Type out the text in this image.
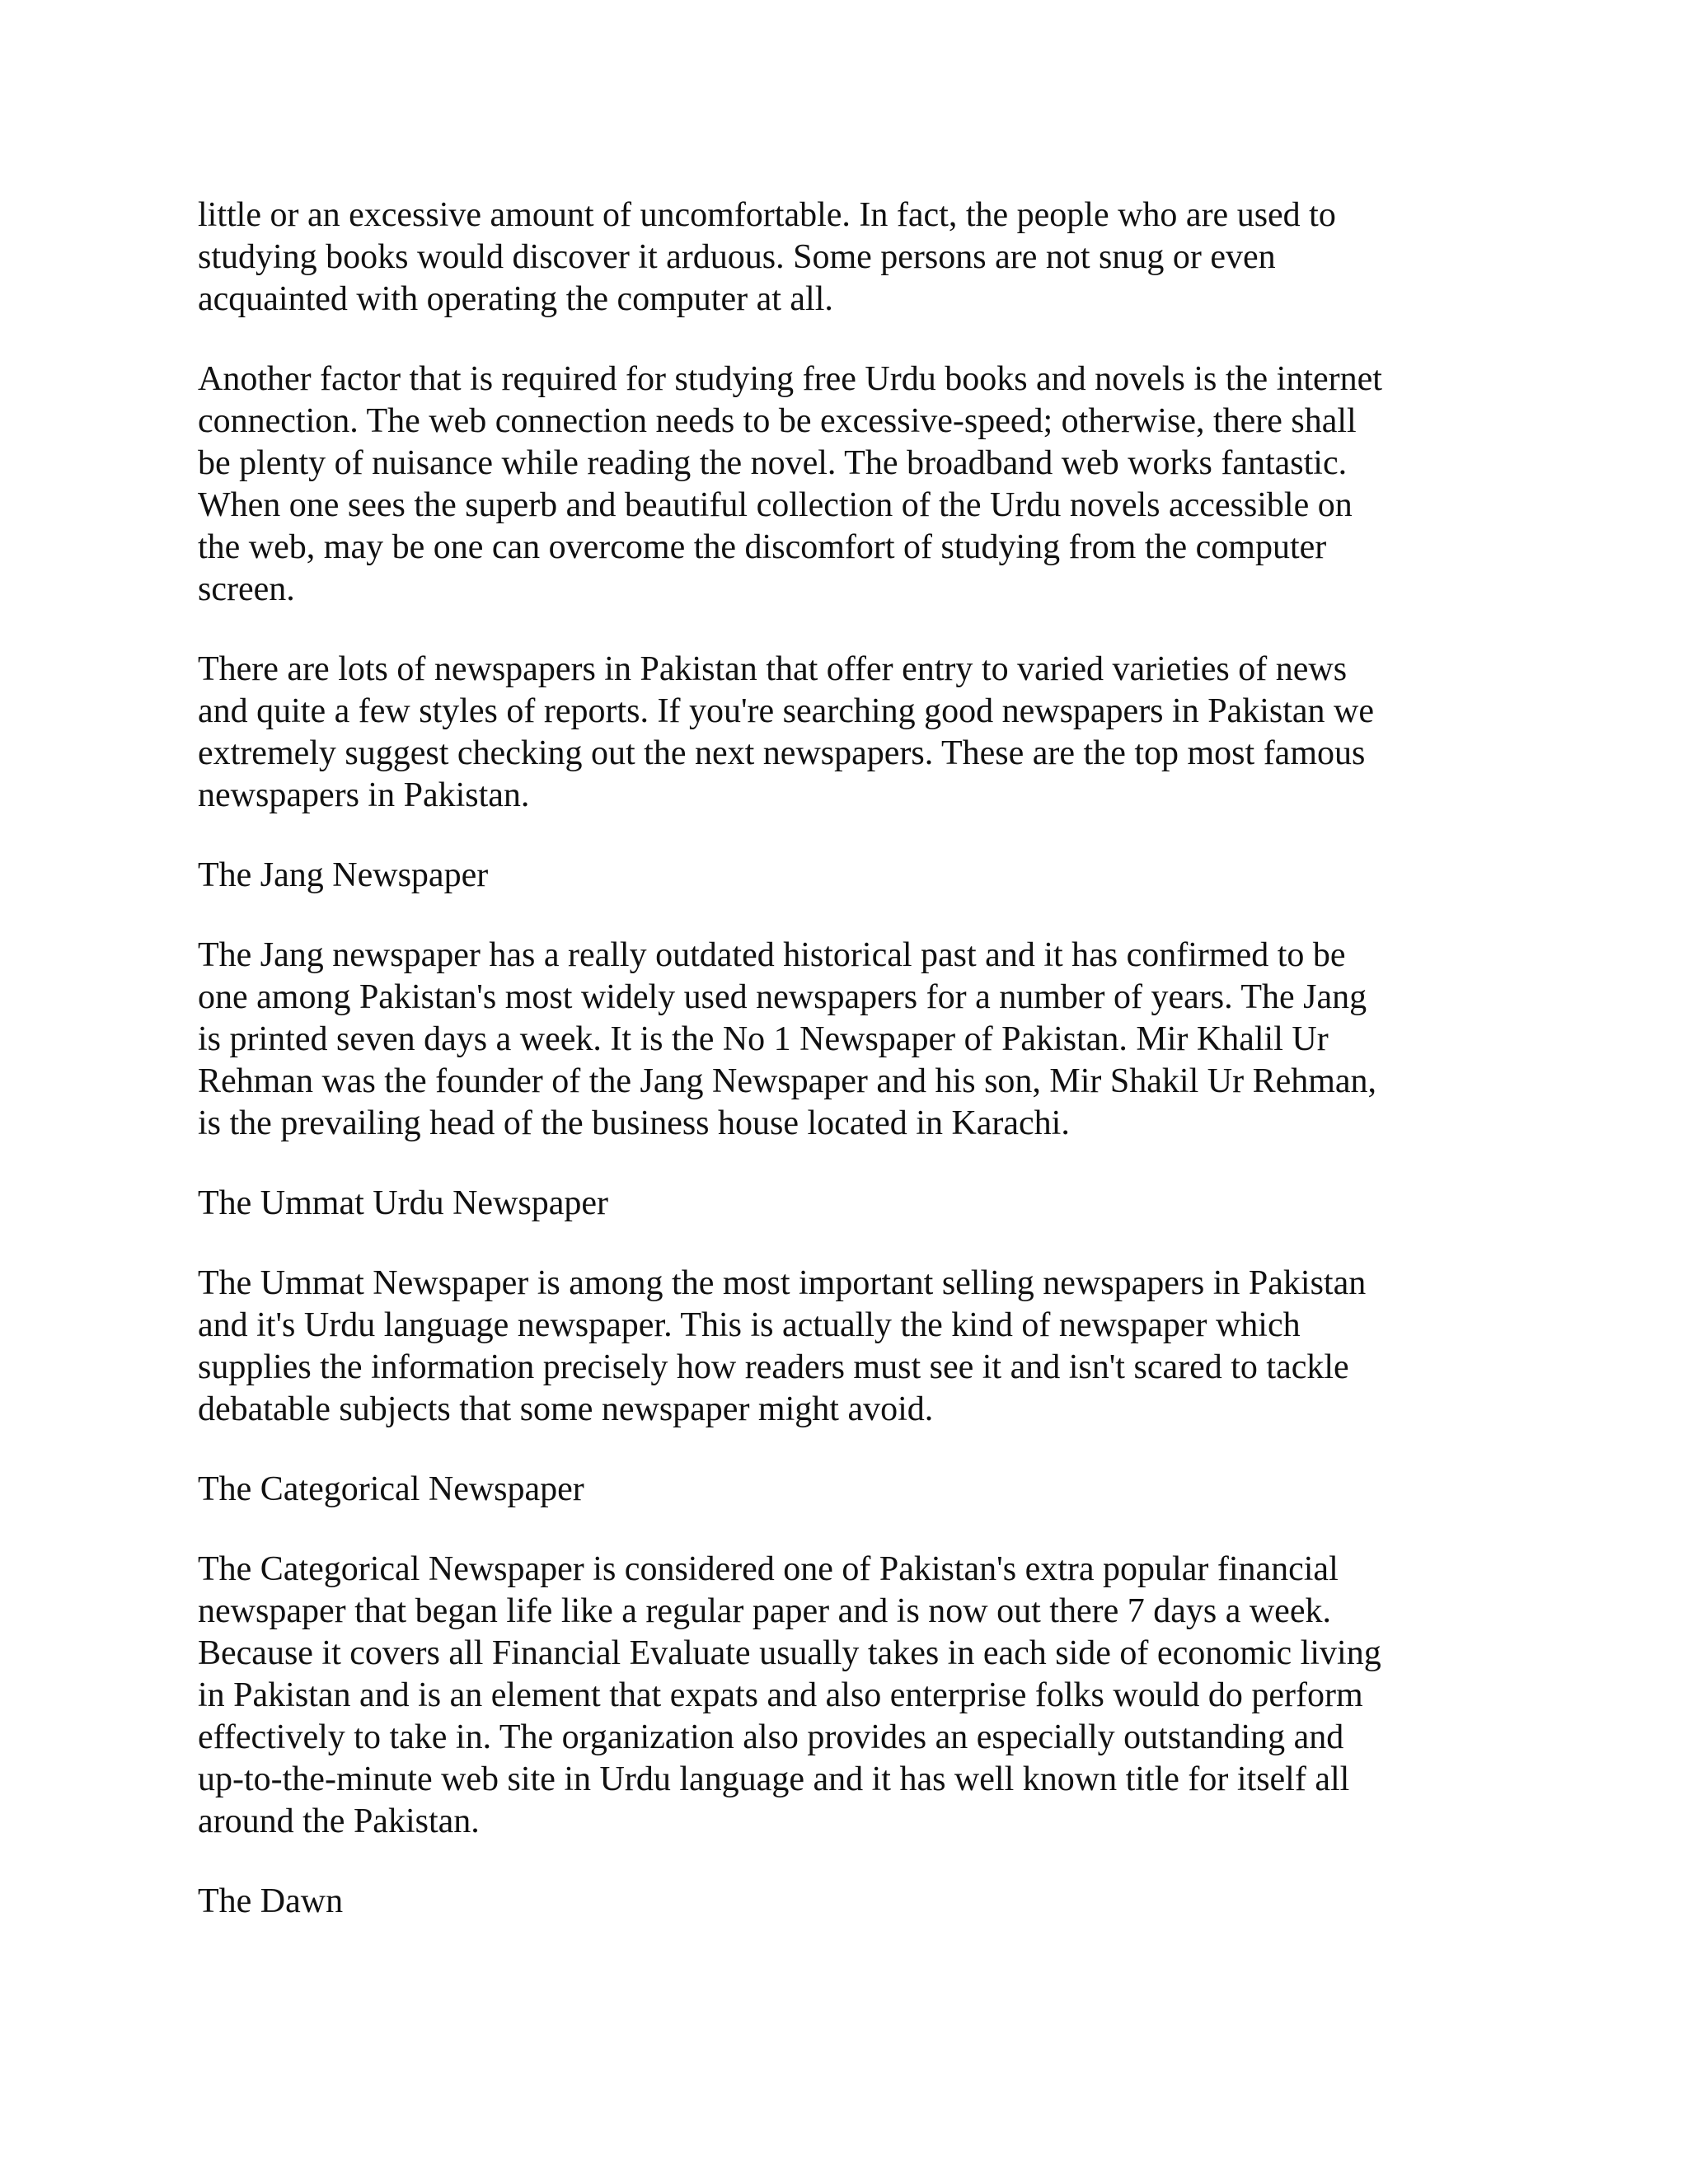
little or an excessive amount of uncomfortable. In fact, the people who are used to
studying books would discover it arduous. Some persons are not snug or even
acquainted with operating the computer at all.

Another factor that is required for studying free Urdu books and novels is the internet
connection. The web connection needs to be excessive-speed; otherwise, there shall
be plenty of nuisance while reading the novel. The broadband web works fantastic.
When one sees the superb and beautiful collection of the Urdu novels accessible on
the web, may be one can overcome the discomfort of studying from the computer
screen.

There are lots of newspapers in Pakistan that offer entry to varied varieties of news
and quite a few styles of reports. If you're searching good newspapers in Pakistan we
extremely suggest checking out the next newspapers. These are the top most famous
newspapers in Pakistan.

The Jang Newspaper

The Jang newspaper has a really outdated historical past and it has confirmed to be
one among Pakistan's most widely used newspapers for a number of years. The Jang
is printed seven days a week. It is the No 1 Newspaper of Pakistan. Mir Khalil Ur
Rehman was the founder of the Jang Newspaper and his son, Mir Shakil Ur Rehman,
is the prevailing head of the business house located in Karachi.

The Ummat Urdu Newspaper

The Ummat Newspaper is among the most important selling newspapers in Pakistan
and it's Urdu language newspaper. This is actually the kind of newspaper which
supplies the information precisely how readers must see it and isn't scared to tackle
debatable subjects that some newspaper might avoid.

The Categorical Newspaper

The Categorical Newspaper is considered one of Pakistan's extra popular financial
newspaper that began life like a regular paper and is now out there 7 days a week.
Because it covers all Financial Evaluate usually takes in each side of economic living
in Pakistan and is an element that expats and also enterprise folks would do perform
effectively to take in. The organization also provides an especially outstanding and
up-to-the-minute web site in Urdu language and it has well known title for itself all
around the Pakistan.

The Dawn
